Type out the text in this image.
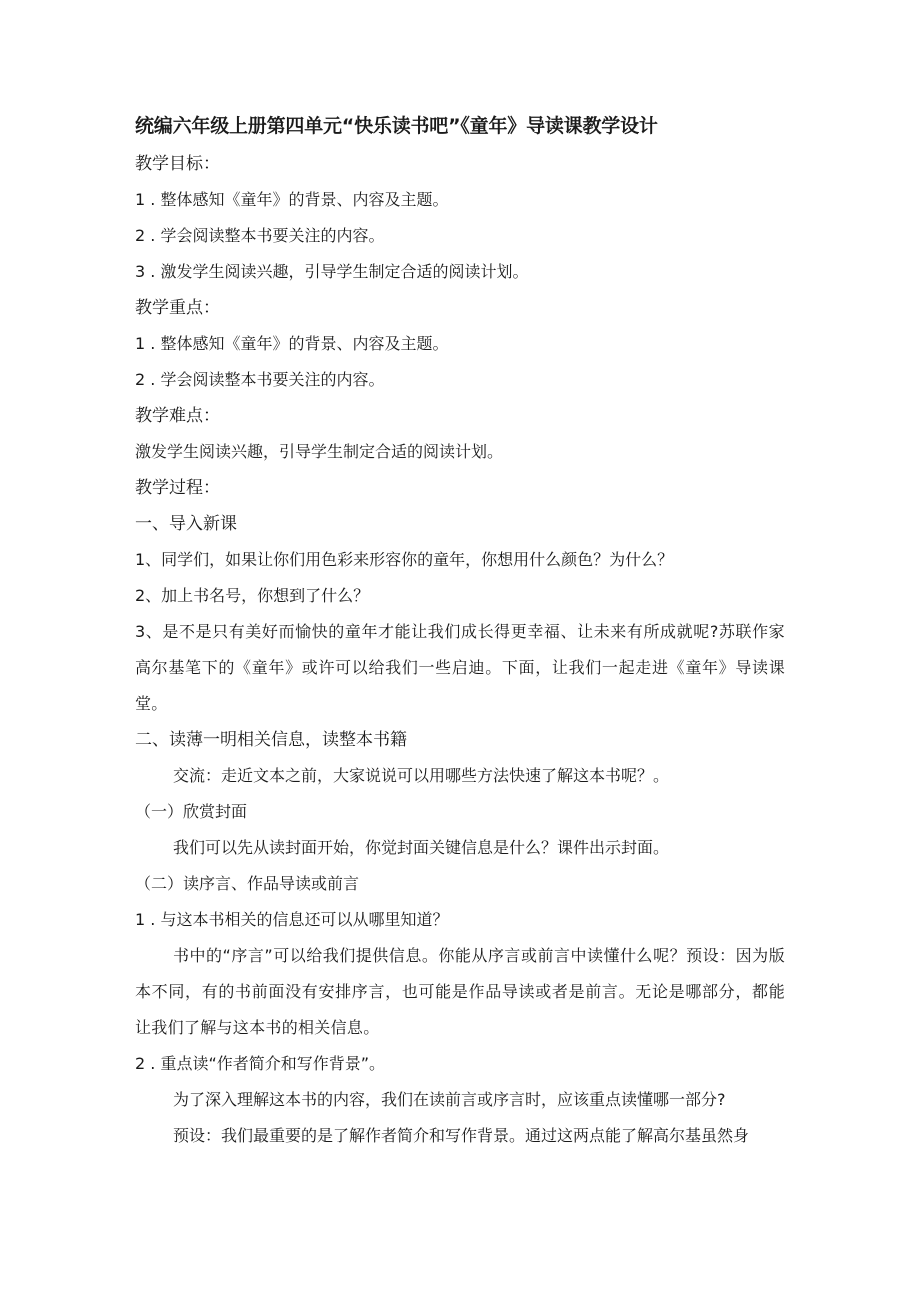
统编六年级上册第四单元“快乐读书吧”《童年》导读课教学设计

教学目标：

1 . 整体感知《童年》的背景、内容及主题。

2 . 学会阅读整本书要关注的内容。

3 . 激发学生阅读兴趣，引导学生制定合适的阅读计划。

教学重点：

1 . 整体感知《童年》的背景、内容及主题。

2 . 学会阅读整本书要关注的内容。

教学难点：

激发学生阅读兴趣，引导学生制定合适的阅读计划。

教学过程：

一、导入新课

1、同学们，如果让你们用色彩来形容你的童年，你想用什么颜色？为什么？

2、加上书名号，你想到了什么？

3、是不是只有美好而愉快的童年才能让我们成长得更幸福、让未来有所成就呢?苏联作家高尔基笔下的《童年》或许可以给我们一些启迪。下面，让我们一起走进《童年》导读课堂。

二、读薄一明相关信息，读整本书籍

交流：走近文本之前，大家说说可以用哪些方法快速了解这本书呢？。

（一）欣赏封面

我们可以先从读封面开始，你觉封面关键信息是什么？课件出示封面。

（二）读序言、作品导读或前言

1 . 与这本书相关的信息还可以从哪里知道？

书中的“序言”可以给我们提供信息。你能从序言或前言中读懂什么呢？预设：因为版本不同，有的书前面没有安排序言，也可能是作品导读或者是前言。无论是哪部分，都能让我们了解与这本书的相关信息。

2 . 重点读“作者简介和写作背景”。

为了深入理解这本书的内容，我们在读前言或序言时，应该重点读懂哪一部分?

预设：我们最重要的是了解作者简介和写作背景。通过这两点能了解高尔基虽然身
